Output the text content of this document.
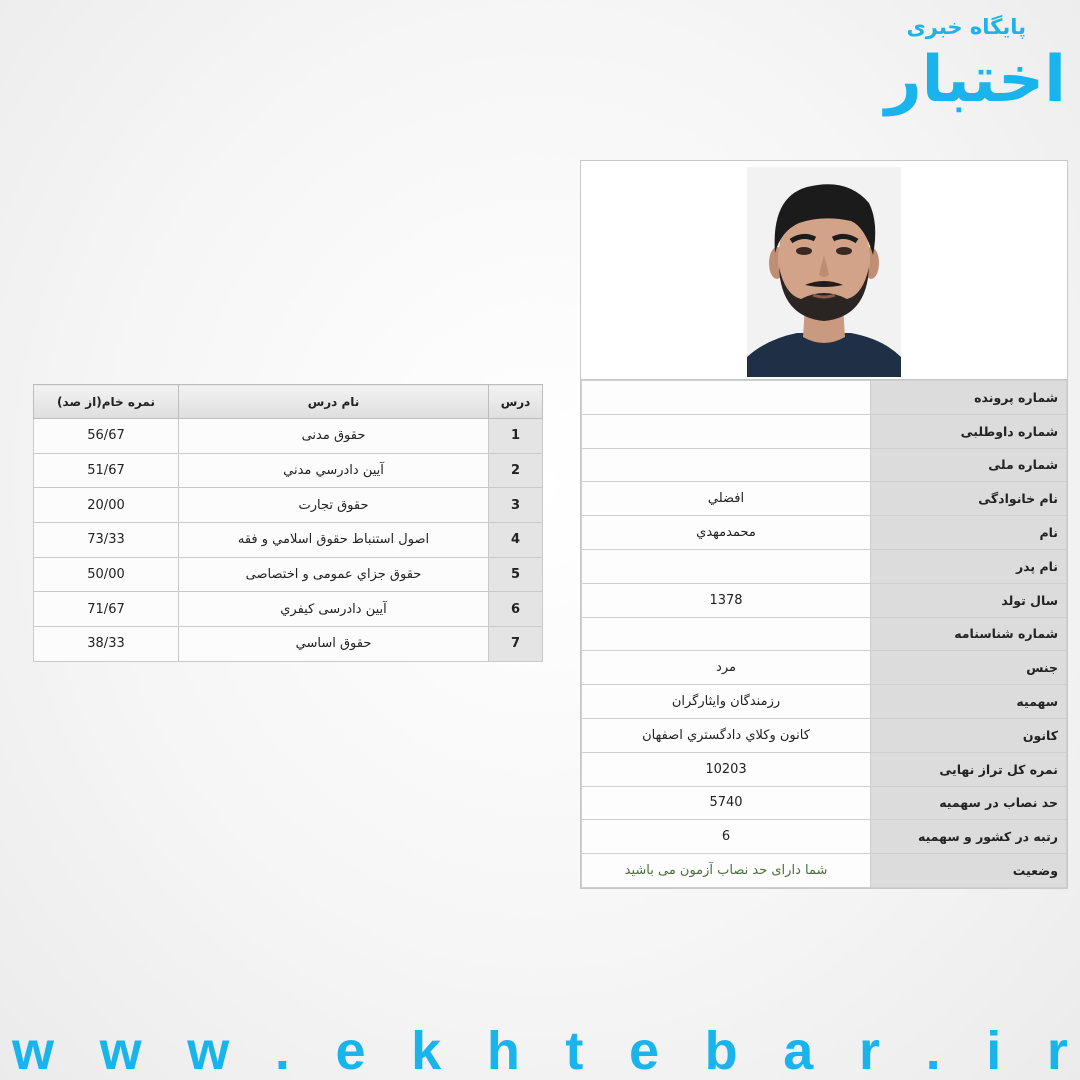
پایگاه خبری
اختبار
شماره پرونده	
شماره داوطلبی	
شماره ملی	
نام خانوادگی	افضلي
نام	محمدمهدي
نام پدر	
سال تولد	1378
شماره شناسنامه	
جنس	مرد
سهميه	رزمندگان وايثارگران
کانون	كانون وكلاي دادگستري اصفهان
نمره کل تراز نهایی	10203
حد نصاب در سهمیه	5740
رتبه در کشور و سهمیه	6
وضعیت	شما دارای حد نصاب آزمون می باشید
درس	نام درس	نمره خام(از صد)
1	حقوق مدنی	56/67
2	آيين دادرسي مدني	51/67
3	حقوق تجارت	20/00
4	اصول استنباط حقوق اسلامي و فقه	73/33
5	حقوق جزاي عمومی و اختصاصی	50/00
6	آيين دادرسی کیفري	71/67
7	حقوق اساسي	38/33
w w w . e k h t e b a r . i r
